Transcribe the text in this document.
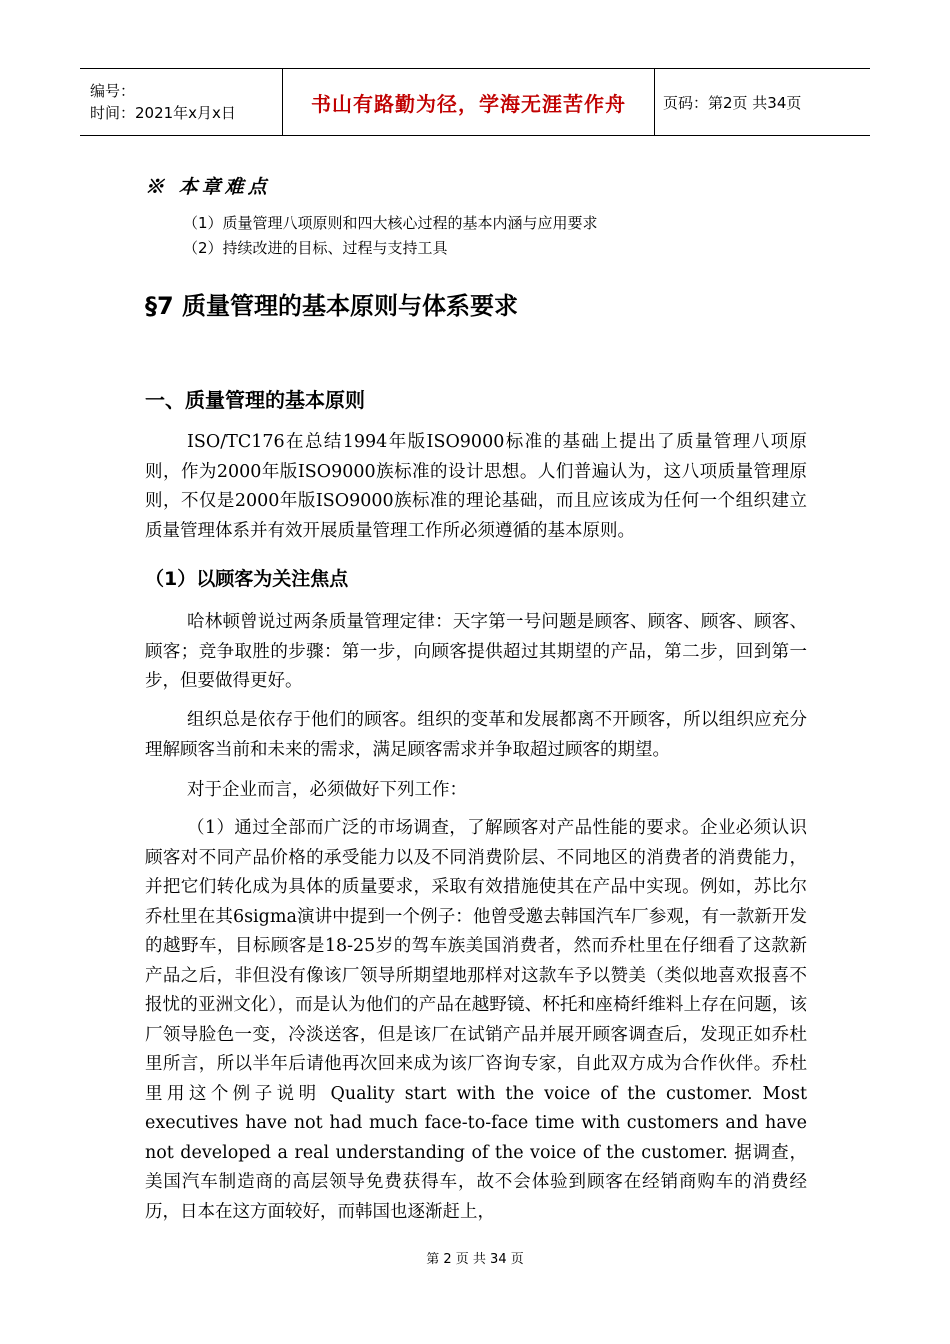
编号：
时间：2021年x月x日	书山有路勤为径，学海无涯苦作舟	页码：第2页 共34页
※ 本章难点
（1）质量管理八项原则和四大核心过程的基本内涵与应用要求
（2）持续改进的目标、过程与支持工具
§7 质量管理的基本原则与体系要求
一、质量管理的基本原则
ISO/TC176在总结1994年版ISO9000标准的基础上提出了质量管理八项原则，作为2000年版ISO9000族标准的设计思想。人们普遍认为，这八项质量管理原则，不仅是2000年版ISO9000族标准的理论基础，而且应该成为任何一个组织建立质量管理体系并有效开展质量管理工作所必须遵循的基本原则。
（1）以顾客为关注焦点
哈林顿曾说过两条质量管理定律：天字第一号问题是顾客、顾客、顾客、顾客、顾客；竞争取胜的步骤：第一步，向顾客提供超过其期望的产品，第二步，回到第一步，但要做得更好。
组织总是依存于他们的顾客。组织的变革和发展都离不开顾客，所以组织应充分理解顾客当前和未来的需求，满足顾客需求并争取超过顾客的期望。
对于企业而言，必须做好下列工作：
（1）通过全部而广泛的市场调查，了解顾客对产品性能的要求。企业必须认识顾客对不同产品价格的承受能力以及不同消费阶层、不同地区的消费者的消费能力，并把它们转化成为具体的质量要求，采取有效措施使其在产品中实现。例如，苏比尔乔杜里在其6sigma演讲中提到一个例子：他曾受邀去韩国汽车厂参观，有一款新开发的越野车，目标顾客是18-25岁的驾车族美国消费者，然而乔杜里在仔细看了这款新产品之后，非但没有像该厂领导所期望地那样对这款车予以赞美（类似地喜欢报喜不报忧的亚洲文化），而是认为他们的产品在越野镜、杯托和座椅纤维料上存在问题，该厂领导脸色一变，冷淡送客，但是该厂在试销产品并展开顾客调查后，发现正如乔杜里所言，所以半年后请他再次回来成为该厂咨询专家，自此双方成为合作伙伴。乔杜里用这个例子说明 Quality start with the voice of the customer. Most executives have not had much face-to-face time with customers and have not developed a real understanding of the voice of the customer. 据调查，美国汽车制造商的高层领导免费获得车，故不会体验到顾客在经销商购车的消费经历，日本在这方面较好，而韩国也逐渐赶上，
第 2 页 共 34 页
